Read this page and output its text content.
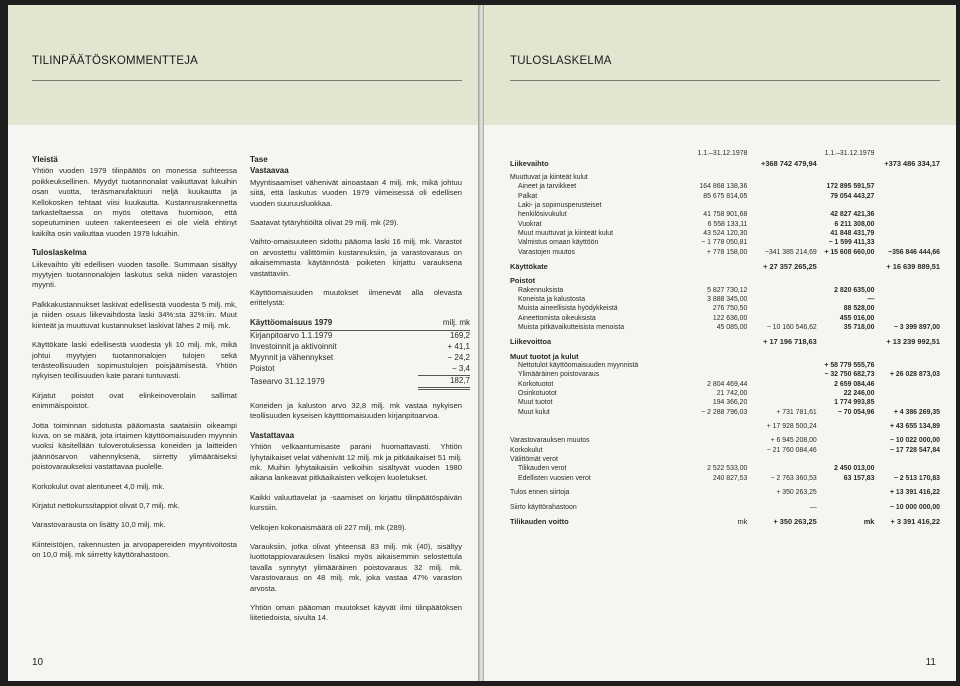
TILINPÄÄTÖSKOMMENTTEJA

Yleistä
Yhtiön vuoden 1979 tilinpäätös on monessa suhteessa poikkeuksellinen. Myydyt tuotannonalat vaikuttavat lukuihin osan vuotta, teräsmanufaktuuri neljä kuukautta ja Kellokosken tehtaat viisi kuukautta. Kustannusrakennetta tarkasteltaessa on myös otettava huomioon, että sopeutuminen uuteen rakenteeseen ei ole vielä ehtinyt kaikilta osin vaikuttaa vuoden 1979 lukuihin.

Tuloslaskelma
Liikevaihto ylti edellisen vuoden tasolle. Summaan sisältyy myytyjen tuotannonalojen laskutus sekä niiden varastojen myynti.

Palkkakustannukset laskivat edellisestä vuodesta 5 milj. mk, ja niiden osuus liikevaihdosta laski 34%:sta 32%:iin. Muut kiinteät ja muuttuvat kustannukset laskivat lähes 2 milj. mk.

Käyttökate laski edellisestä vuodesta yli 10 milj. mk, mikä johtui myytyjen tuotannonalojen tulojen sekä terästeollisuuden sopimustulojen poisjäämisestä. Yhtiön nykyisen teollisuuden kate parani tuntuvasti.

Kirjatut poistot ovat elinkeinoverolain sallimat enimmäispoistot.

Jotta toiminnan sidotusta pääomasta saataisiin oikeampi kuva, on se määrä, jota irtaimen käyttöomaisuuden myynnin vuoksi käsitellään tuloverotuksessa koneiden ja laitteiden jäännösarvon vähennyksenä, siirretty ylimääräiseksi poistovaraukseksi vastattavaa puolelle.

Korkokulut ovat alentuneet 4,0 milj. mk.

Kirjatut nettokurssitappiot olivat 0,7 milj. mk.

Varastovarausta on lisätty 10,0 milj. mk.

Kiinteistöjen, rakennusten ja arvopapereiden myyntivoitosta on 10,0 milj. mk siirretty käyttörahastoon.

Tase

Vastaavaa
Myyntisaamiset vähenivät ainoastaan 4 milj. mk, mikä johtuu siitä, että laskutus vuoden 1979 viimeisessä oli edellisen vuoden suuruusluokkaa.

Saatavat tytäryhtiöiltä olivat 29 milj. mk (29).

Vaihto-omaisuuteen sidottu pääoma laski 16 milj. mk. Varastot on arvostettu välittömiin kustannuksiin, ja varastovaraus on aikaisemmasta käytännöstä poiketen kirjattu varauksena vastattaviin.

Käyttöomaisuuden muutokset ilmenevät alla olevasta erittelystä:

Käyttöomaisuus 1979	milj. mk
Kirjanpitoarvo 1.1.1979	169,2
Investoinnit ja aktivoinnit	+ 41,1
Myynnit ja vähennykset	− 24,2
Poistot	− 3,4
Tasearvo 31.12.1979	182,7

Koneiden ja kaluston arvo 32,8 milj. mk vastaa nykyisen teollisuuden kyseisen käyttöomaisuuden kirjanpitoarvoa.

Vastattavaa
Yhtiön velkaantumisaste parani huomattavasti. Yhtiön lyhytaikaiset velat vähenivät 12 milj. mk ja pitkäaikaiset 51 milj. mk. Muihin lyhytaikaisiin velkoihin sisältyvät vuoden 1980 aikana lankeavat pitkäaikaisten velkojen kuoletukset.

Kaikki valuuttavelat ja -saamiset on kirjattu tilinpäätöspäivän kurssiin.

Velkojen kokonaismäärä oli 227 milj. mk (289).

Varauksiin, jotka olivat yhteensä 83 milj. mk (40), sisältyy luottotappiovarauksen lisäksi myös aikaisemmin selostettula tavalla synnytyt ylimääräinen poistovaraus 32 milj. mk. Varastovaraus on 48 milj. mk, joka vastaa 47% varaston arvosta.

Yhtiön oman pääoman muutokset käyvät ilmi tilinpäätöksen liitetiedoista, sivulta 14.

10
TULOSLASKELMA
	1.1.–31.12.1978		1.1.–31.12.1979	
Liikevaihto		+368 742 479,94		+373 486 334,17

Muuttuvat ja kiinteät kulut				
Aineet ja tarvikkeet	164 868 138,36		172 895 591,57	
Palkat	85 675 814,05		79 054 443,27	
Laki- ja sopimusperusteiset				
henkilösivukulut	41 758 901,68		42 827 421,36	
Vuokrat	6 558 133,11		6 211 308,00	
Muut muuttuvat ja kiinteät kulut	43 524 120,30		41 848 431,79	
Valmistus omaan käyttöön	− 1 778 050,81		− 1 599 411,33	
Varastojen muutos	+ 778 158,00	−341 385 214,69	+ 15 608 660,00	−356 846 444,66

Käyttökate		+ 27 357 265,25		+ 16 639 889,51

Poistot				
Rakennuksista	5 827 730,12		2 820 635,00	
Koneista ja kalustosta	3 888 345,00		—	
Muista aineellisista hyödykkeistä	276 750,50		88 528,00	
Aineettomista oikeuksista	122 636,00		455 016,00	
Muista pitkävaikutteisista menoista	45 085,00	− 10 160 546,62	35 718,00	− 3 399 897,00

Liikevoittoa		+ 17 196 718,63		+ 13 239 992,51

Muut tuotot ja kulut				
Nettotulot käyttöomaisuuden myynnistä			+ 58 779 555,76	
Ylimääräinen poistovaraus			− 32 750 682,73	+ 26 028 873,03
Korkotuotot	2 804 469,44		2 659 084,46	
Osinkotuotot	21 742,00		22 246,00	
Muut tuotot	194 366,20		1 774 993,85	
Muut kulut	− 2 288 796,03	+ 731 781,61	− 70 054,96	+ 4 386 269,35

		+ 17 928 500,24		+ 43 655 134,89

Varastovarauksen muutos		+ 6 945 208,00		− 10 022 000,00
Korkokulut		− 21 760 084,46		− 17 728 547,84
Välittömät verot				
Tilikauden verot	2 522 533,00		2 450 013,00	
Edellisten vuosien verot	240 827,53	− 2 763 360,53	63 157,83	− 2 513 170,83

Tulos ennen siirtoja		+ 350 263,25		+ 13 391 416,22

Siirto käyttörahastoon		—		− 10 000 000,00

Tilikauden voitto	mk	+ 350 263,25	mk	+ 3 391 416,22
11
